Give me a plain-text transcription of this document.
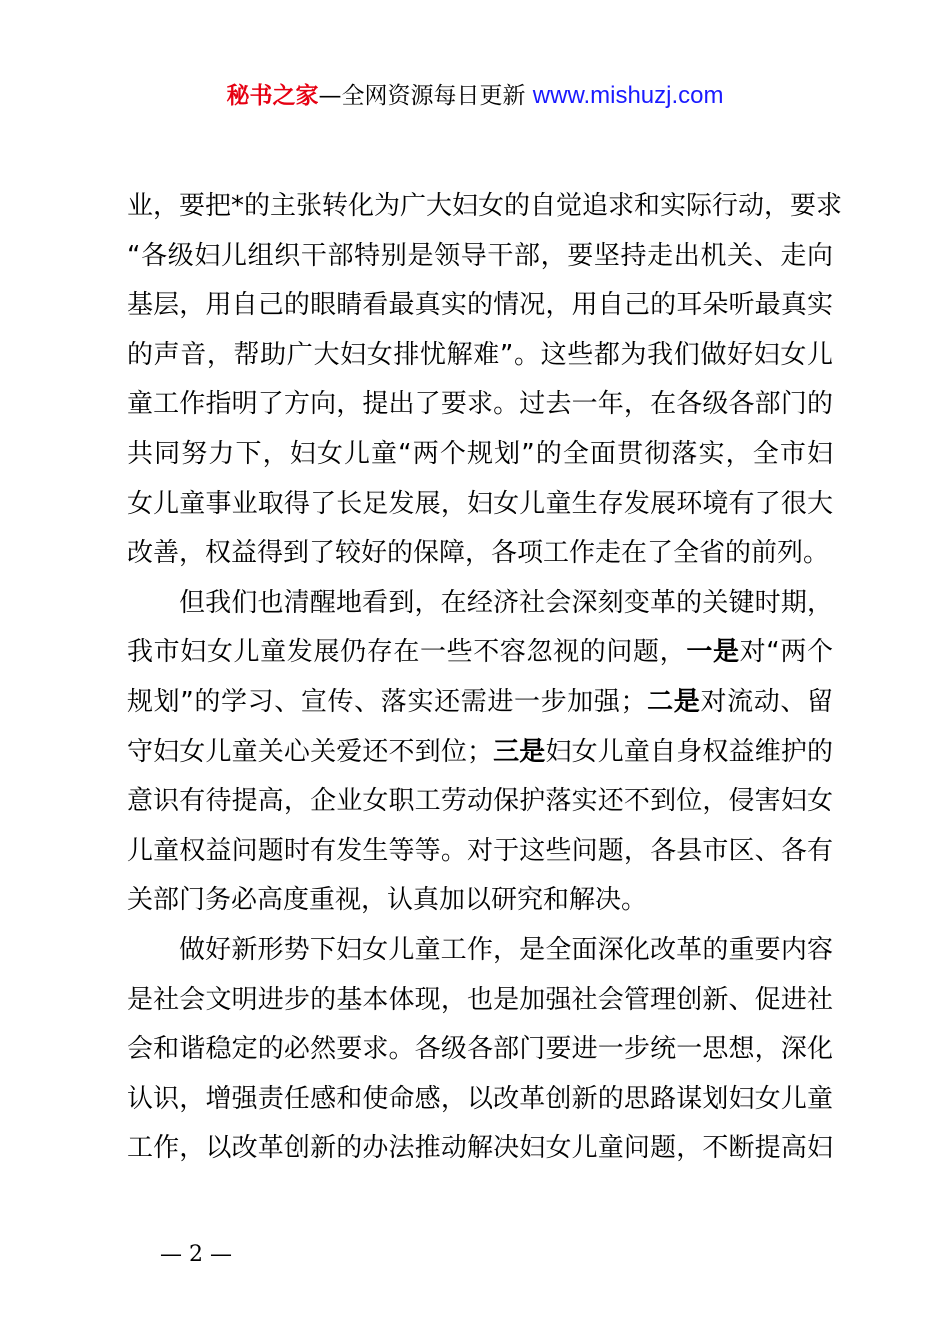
秘书之家—全网资源每日更新 www.mishuzj.com
业，要把*的主张转化为广大妇女的自觉追求和实际行动，要求
“各级妇儿组织干部特别是领导干部，要坚持走出机关、走向
基层，用自己的眼睛看最真实的情况，用自己的耳朵听最真实
的声音，帮助广大妇女排忧解难”。这些都为我们做好妇女儿
童工作指明了方向，提出了要求。过去一年，在各级各部门的
共同努力下，妇女儿童“两个规划”的全面贯彻落实，全市妇
女儿童事业取得了长足发展，妇女儿童生存发展环境有了很大
改善，权益得到了较好的保障，各项工作走在了全省的前列。
但我们也清醒地看到，在经济社会深刻变革的关键时期，
我市妇女儿童发展仍存在一些不容忽视的问题，一是对“两个
规划”的学习、宣传、落实还需进一步加强；二是对流动、留
守妇女儿童关心关爱还不到位；三是妇女儿童自身权益维护的
意识有待提高，企业女职工劳动保护落实还不到位，侵害妇女
儿童权益问题时有发生等等。对于这些问题，各县市区、各有
关部门务必高度重视，认真加以研究和解决。
做好新形势下妇女儿童工作，是全面深化改革的重要内容
是社会文明进步的基本体现，也是加强社会管理创新、促进社
会和谐稳定的必然要求。各级各部门要进一步统一思想，深化
认识，增强责任感和使命感，以改革创新的思路谋划妇女儿童
工作，以改革创新的办法推动解决妇女儿童问题，不断提高妇
— 2 —
